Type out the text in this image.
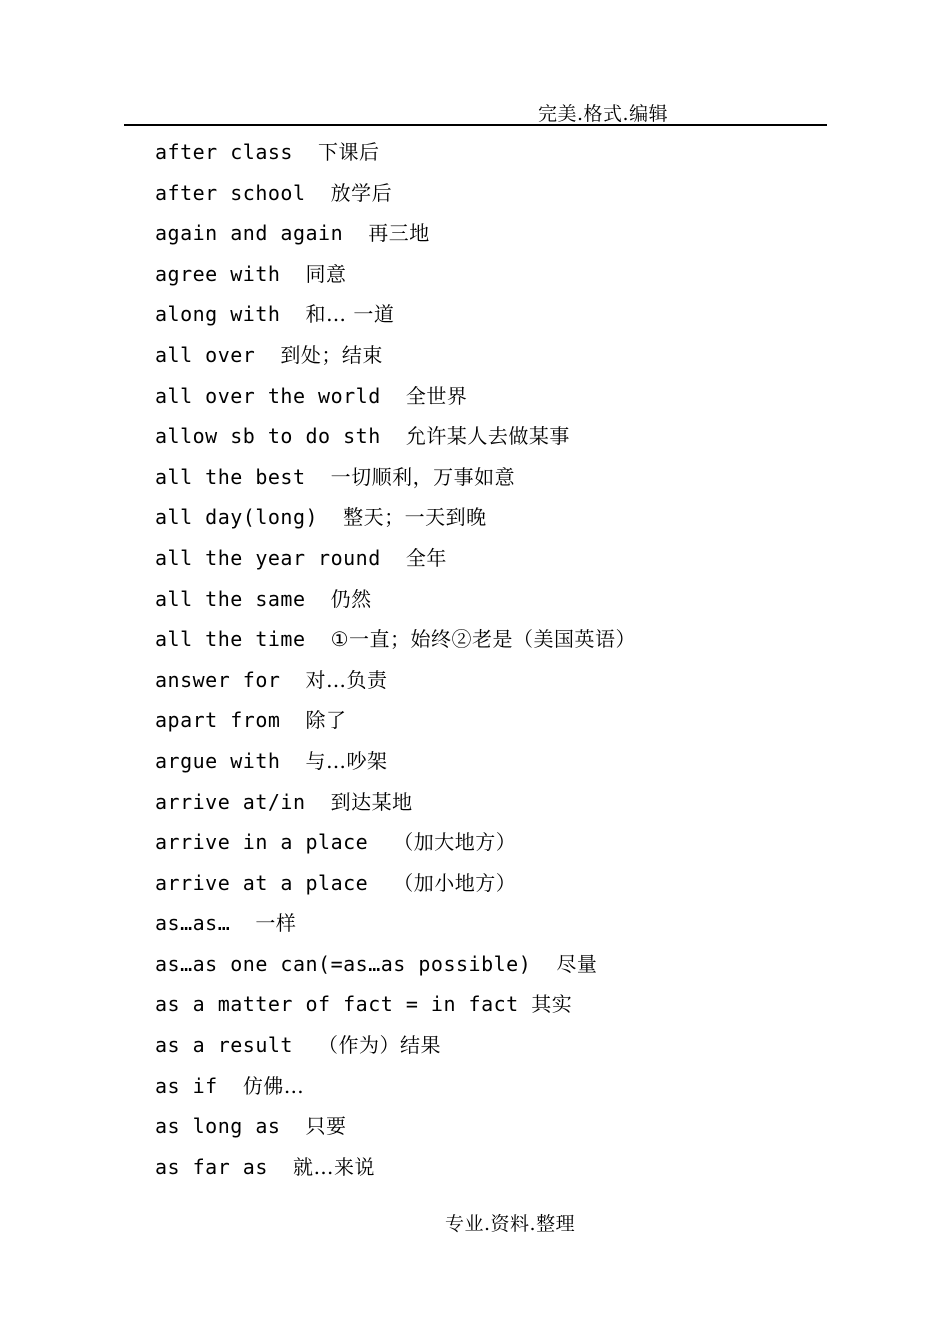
完美.格式.编辑
after class 下课后
after school 放学后
again and again 再三地
agree with 同意
along with 和… 一道
all over 到处；结束
all over the world 全世界
allow sb to do sth 允许某人去做某事
all the best 一切顺利，万事如意
all day(long) 整天；一天到晚
all the year round 全年
all the same 仍然
all the time ①一直；始终②老是（美国英语）
answer for 对…负责
apart from 除了
argue with 与…吵架
arrive at/in 到达某地
arrive in a place （加大地方）
arrive at a place （加小地方）
as…as… 一样
as…as one can(=as…as possible) 尽量
as a matter of fact = in fact 其实
as a result （作为）结果
as if 仿佛…
as long as 只要
as far as 就…来说
专业.资料.整理
